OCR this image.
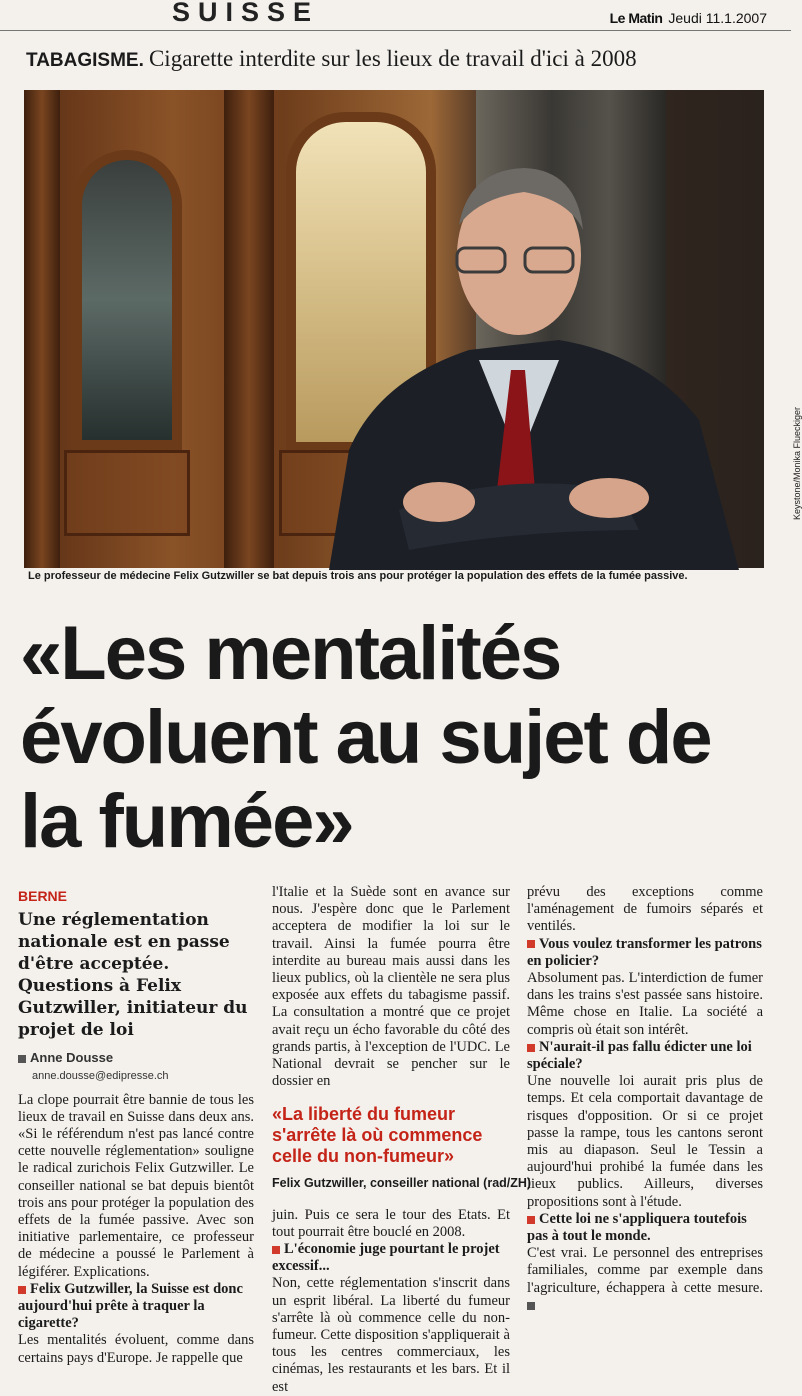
SUISSE	Le Matin Jeudi 11.1.2007
TABAGISME. Cigarette interdite sur les lieux de travail d'ici à 2008
Keystone/Monika Flueckiger
Le professeur de médecine Felix Gutzwiller se bat depuis trois ans pour protéger la population des effets de la fumée passive.
«Les mentalités évoluent au sujet de la fumée»
BERNE
Une réglementation nationale est en passe d'être acceptée. Questions à Felix Gutzwiller, initiateur du projet de loi
Anne Dousse
anne.dousse@edipresse.ch

La clope pourrait être bannie de tous les lieux de travail en Suisse dans deux ans. «Si le référendum n'est pas lancé contre cette nouvelle réglementation» souligne le radical zurichois Felix Gutzwiller. Le conseiller national se bat depuis bientôt trois ans pour protéger la population des effets de la fumée passive. Avec son initiative parlementaire, ce professeur de médecine a poussé le Parlement à légiférer. Explications.

Felix Gutzwiller, la Suisse est donc aujourd'hui prête à traquer la cigarette?

Les mentalités évoluent, comme dans certains pays d'Europe. Je rappelle que

l'Italie et la Suède sont en avance sur nous. J'espère donc que le Parlement acceptera de modifier la loi sur le travail. Ainsi la fumée pourra être interdite au bureau mais aussi dans les lieux publics, où la clientèle ne sera plus exposée aux effets du tabagisme passif. La consultation a montré que ce projet avait reçu un écho favorable du côté des grands partis, à l'exception de l'UDC. Le National devrait se pencher sur le dossier en

«La liberté du fumeur s'arrête là où commence celle du non-fumeur»
Felix Gutzwiller, conseiller national (rad/ZH)

juin. Puis ce sera le tour des Etats. Et tout pourrait être bouclé en 2008.

L'économie juge pourtant le projet excessif...

Non, cette réglementation s'inscrit dans un esprit libéral. La liberté du fumeur s'arrête là où commence celle du non-fumeur. Cette disposition s'appliquerait à tous les centres commerciaux, les cinémas, les restaurants et les bars. Et il est

prévu des exceptions comme l'aménagement de fumoirs séparés et ventilés.

Vous voulez transformer les patrons en policier?

Absolument pas. L'interdiction de fumer dans les trains s'est passée sans histoire. Même chose en Italie. La société a compris où était son intérêt.

N'aurait-il pas fallu édicter une loi spéciale?

Une nouvelle loi aurait pris plus de temps. Et cela comportait davantage de risques d'opposition. Or si ce projet passe la rampe, tous les cantons seront mis au diapason. Seul le Tessin a aujourd'hui prohibé la fumée dans les lieux publics. Ailleurs, diverses propositions sont à l'étude.

Cette loi ne s'appliquera toutefois pas à tout le monde.

C'est vrai. Le personnel des entreprises familiales, comme par exemple dans l'agriculture, échappera à cette mesure.
